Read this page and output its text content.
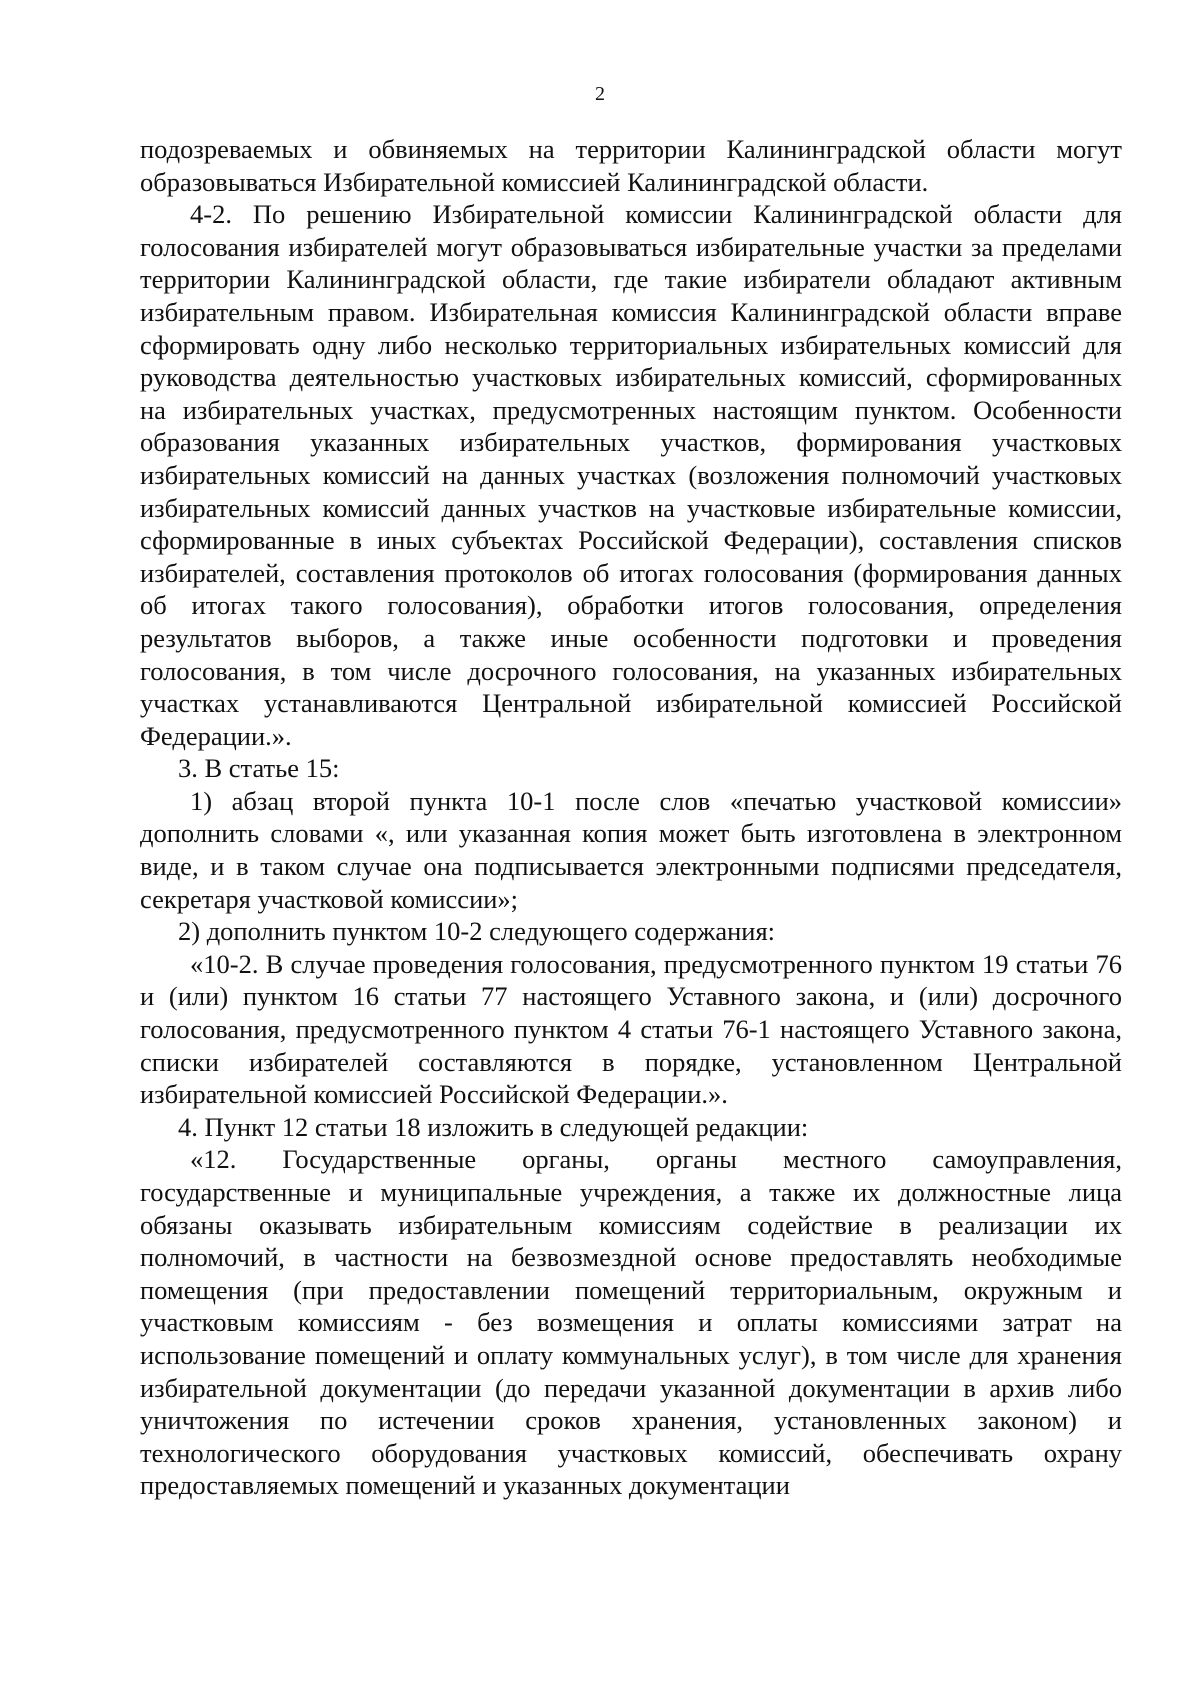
2

подозреваемых и обвиняемых на территории Калининградской области могут образовываться Избирательной комиссией Калининградской области.

4-2. По решению Избирательной комиссии Калининградской области для голосования избирателей могут образовываться избирательные участки за пределами территории Калининградской области, где такие избиратели обладают активным избирательным правом. Избирательная комиссия Калининградской области вправе сформировать одну либо несколько территориальных избирательных комиссий для руководства деятельностью участковых избирательных комиссий, сформированных на избирательных участках, предусмотренных настоящим пунктом. Особенности образования указанных избирательных участков, формирования участковых избирательных комиссий на данных участках (возложения полномочий участковых избирательных комиссий данных участков на участковые избирательные комиссии, сформированные в иных субъектах Российской Федерации), составления списков избирателей, составления протоколов об итогах голосования (формирования данных об итогах такого голосования), обработки итогов голосования, определения результатов выборов, а также иные особенности подготовки и проведения голосования, в том числе досрочного голосования, на указанных избирательных участках устанавливаются Центральной избирательной комиссией Российской Федерации.».

3. В статье 15:

1) абзац второй пункта 10-1 после слов «печатью участковой комиссии» дополнить словами «, или указанная копия может быть изготовлена в электронном виде, и в таком случае она подписывается электронными подписями председателя, секретаря участковой комиссии»;

2) дополнить пунктом 10-2 следующего содержания:

«10-2. В случае проведения голосования, предусмотренного пунктом 19 статьи 76 и (или) пунктом 16 статьи 77 настоящего Уставного закона, и (или) досрочного голосования, предусмотренного пунктом 4 статьи 76-1 настоящего Уставного закона, списки избирателей составляются в порядке, установленном Центральной избирательной комиссией Российской Федерации.».

4. Пункт 12 статьи 18 изложить в следующей редакции:

«12. Государственные органы, органы местного самоуправления, государственные и муниципальные учреждения, а также их должностные лица обязаны оказывать избирательным комиссиям содействие в реализации их полномочий, в частности на безвозмездной основе предоставлять необходимые помещения (при предоставлении помещений территориальным, окружным и участковым комиссиям - без возмещения и оплаты комиссиями затрат на использование помещений и оплату коммунальных услуг), в том числе для хранения избирательной документации (до передачи указанной документации в архив либо уничтожения по истечении сроков хранения, установленных законом) и технологического оборудования участковых комиссий, обеспечивать охрану предоставляемых помещений и указанных документации
